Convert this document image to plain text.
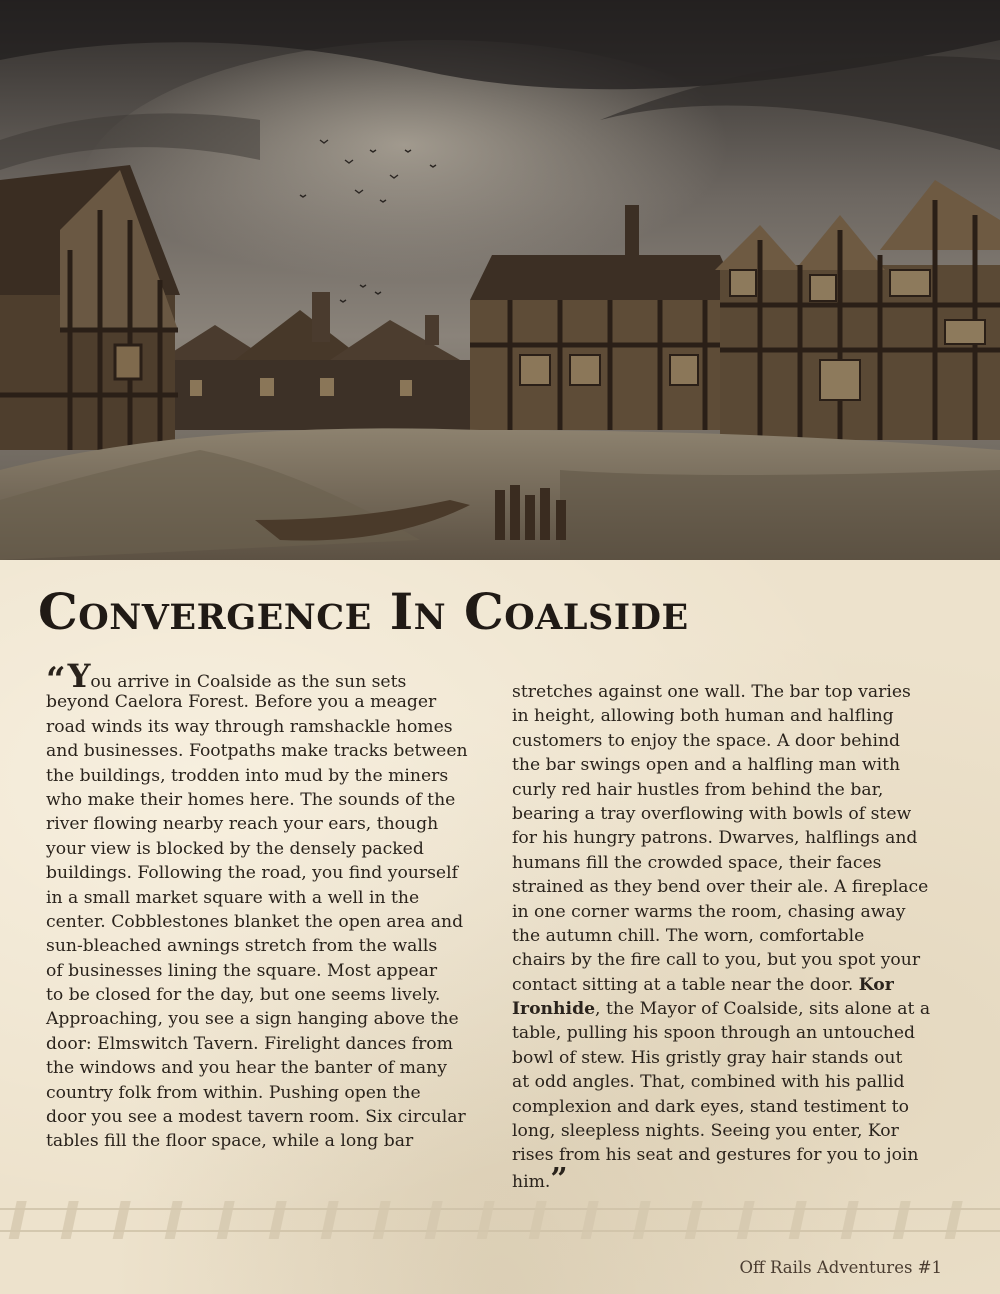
Convergence In Coalside
“You arrive in Coalside as the sun sets
beyond Caelora Forest. Before you a meager
road winds its way through ramshackle homes
and businesses. Footpaths make tracks between
the buildings, trodden into mud by the miners
who make their homes here. The sounds of the
river flowing nearby reach your ears, though
your view is blocked by the densely packed
buildings. Following the road, you find yourself
in a small market square with a well in the
center. Cobblestones blanket the open area and
sun-bleached awnings stretch from the walls
of businesses lining the square. Most appear
to be closed for the day, but one seems lively.
Approaching, you see a sign hanging above the
door: Elmswitch Tavern. Firelight dances from
the windows and you hear the banter of many
country folk from within. Pushing open the
door you see a modest tavern room. Six circular
tables fill the floor space, while a long bar
stretches against one wall. The bar top varies
in height, allowing both human and halfling
customers to enjoy the space. A door behind
the bar swings open and a halfling man with
curly red hair hustles from behind the bar,
bearing a tray overflowing with bowls of stew
for his hungry patrons. Dwarves, halflings and
humans fill the crowded space, their faces
strained as they bend over their ale. A fireplace
in one corner warms the room, chasing away
the autumn chill. The worn, comfortable
chairs by the fire call to you, but you spot your
contact sitting at a table near the door. Kor
Ironhide, the Mayor of Coalside, sits alone at a
table, pulling his spoon through an untouched
bowl of stew. His gristly gray hair stands out
at odd angles. That, combined with his pallid
complexion and dark eyes, stand testiment to
long, sleepless nights. Seeing you enter, Kor
rises from his seat and gestures for you to join
him.”

Off Rails Adventures #1
